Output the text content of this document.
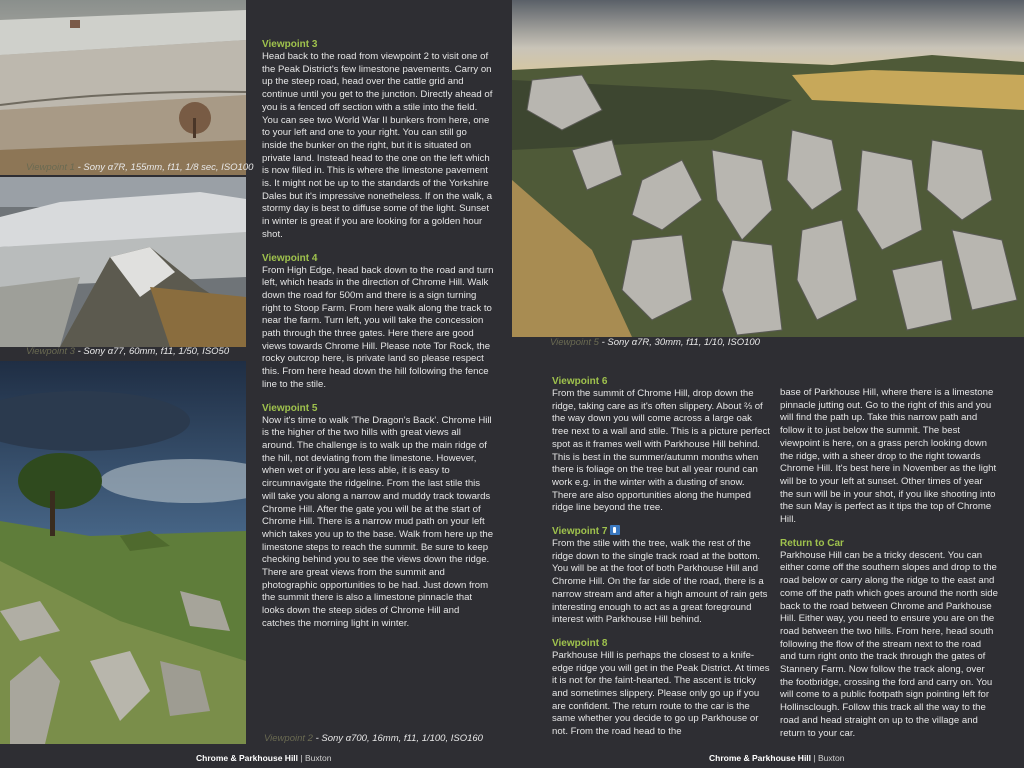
Viewpoint 1 - Sony α7R, 155mm, f11, 1/8 sec, ISO100
Viewpoint 3 - Sony α77, 60mm, f11, 1/50, ISO50
Viewpoint 2 - Sony α700, 16mm, f11, 1/100, ISO160
Viewpoint 5 - Sony α7R, 30mm, f11, 1/10, ISO100
Viewpoint 3

Head back to the road from viewpoint 2 to visit one of the Peak District's few limestone pavements. Carry on up the steep road, head over the cattle grid and continue until you get to the junction. Directly ahead of you is a fenced off section with a stile into the field. You can see two World War II bunkers from here, one to your left and one to your right. You can still go inside the bunker on the right, but it is situated on private land. Instead head to the one on the left which is now filled in. This is where the limestone pavement is. It might not be up to the standards of the Yorkshire Dales but it's impressive nonetheless. If on the walk, a stormy day is best to diffuse some of the light. Sunset in winter is great if you are looking for a golden hour shot.

Viewpoint 4

From High Edge, head back down to the road and turn left, which heads in the direction of Chrome Hill. Walk down the road for 500m and there is a sign turning right to Stoop Farm. From here walk along the track to near the farm. Turn left, you will take the concession path through the three gates. Here there are good views towards Chrome Hill. Please note Tor Rock, the rocky outcrop here, is private land so please respect this. From here head down the hill following the fence line to the stile.

Viewpoint 5

Now it's time to walk 'The Dragon's Back'. Chrome Hill is the higher of the two hills with great views all around. The challenge is to walk up the main ridge of the hill, not deviating from the limestone. However, when wet or if you are less able, it is easy to circumnavigate the ridgeline. From the last stile this will take you along a narrow and muddy track towards Chrome Hill. After the gate you will be at the start of Chrome Hill. There is a narrow mud path on your left which takes you up to the base. Walk from here up the limestone steps to reach the summit. Be sure to keep checking behind you to see the views down the ridge. There are great views from the summit and photographic opportunities to be had. Just down from the summit there is also a limestone pinnacle that looks down the steep sides of Chrome Hill and catches the morning light in winter.

Viewpoint 6

From the summit of Chrome Hill, drop down the ridge, taking care as it's often slippery. About ⅔ of the way down you will come across a large oak tree next to a wall and stile. This is a picture perfect spot as it frames well with Parkhouse Hill behind. This is best in the summer/autumn months when there is foliage on the tree but all year round can work e.g. in the winter with a dusting of snow. There are also opportunities along the humped ridge line beyond the tree.

Viewpoint 7

From the stile with the tree, walk the rest of the ridge down to the single track road at the bottom. You will be at the foot of both Parkhouse Hill and Chrome Hill. On the far side of the road, there is a narrow stream and after a high amount of rain gets interesting enough to act as a great foreground interest with Parkhouse Hill behind.

Viewpoint 8

Parkhouse Hill is perhaps the closest to a knife-edge ridge you will get in the Peak District. At times it is not for the faint-hearted. The ascent is tricky and sometimes slippery. Please only go up if you are confident. The return route to the car is the same whether you decide to go up Parkhouse or not. From the road head to the

base of Parkhouse Hill, where there is a limestone pinnacle jutting out. Go to the right of this and you will find the path up. Take this narrow path and follow it to just below the summit. The best viewpoint is here, on a grass perch looking down the ridge, with a sheer drop to the right towards Chrome Hill. It's best here in November as the light will be to your left at sunset. Other times of year the sun will be in your shot, if you like shooting into the sun May is perfect as it tips the top of Chrome Hill.

Return to Car

Parkhouse Hill can be a tricky descent. You can either come off the southern slopes and drop to the road below or carry along the ridge to the east and come off the path which goes around the north side back to the road between Chrome and Parkhouse Hill. Either way, you need to ensure you are on the road between the two hills. From here, head south following the flow of the stream next to the road and turn right onto the track through the gates of Stannery Farm. Now follow the track along, over the footbridge, crossing the ford and carry on. You will come to a public footpath sign pointing left for Hollinsclough. Follow this track all the way to the road and head straight on up to the village and return to your car.

Chrome & Parkhouse Hill | Buxton	Chrome & Parkhouse Hill | Buxton
